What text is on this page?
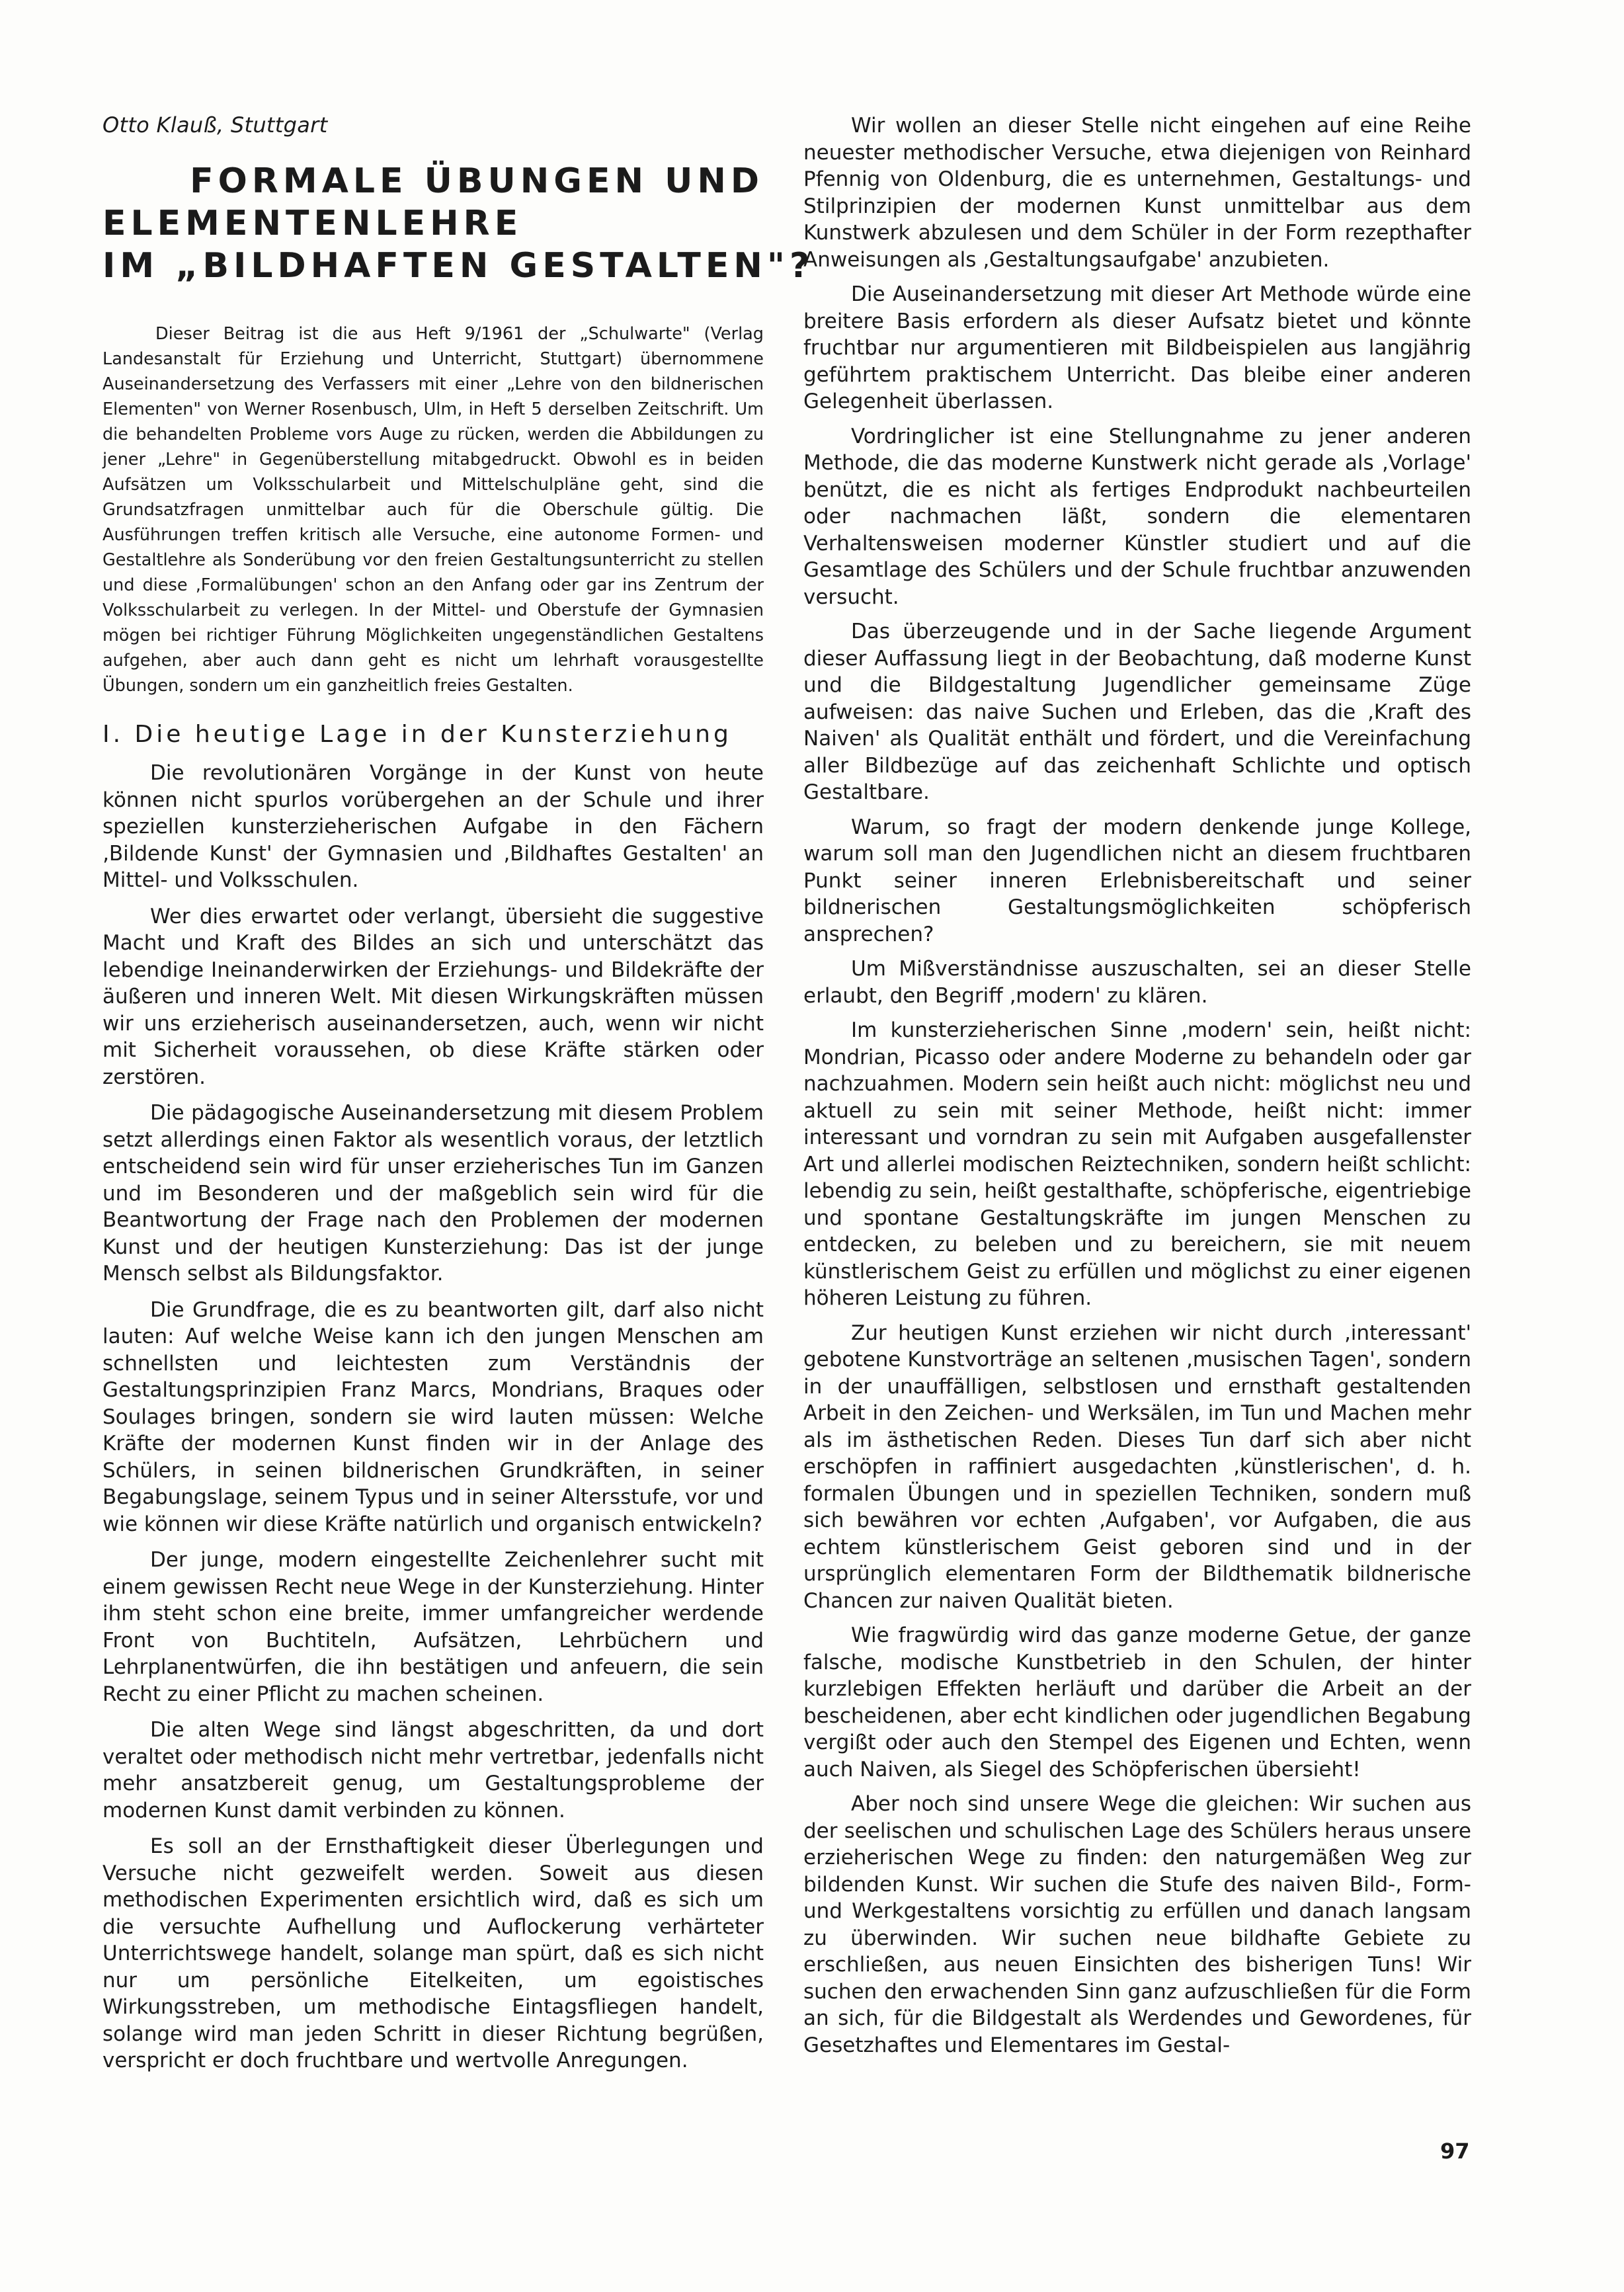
Otto Klauß, Stuttgart
FORMALE ÜBUNGEN UND
ELEMENTENLEHRE
IM „BILDHAFTEN GESTALTEN"?

Dieser Beitrag ist die aus Heft 9/1961 der „Schulwarte" (Verlag Landesanstalt für Erziehung und Unterricht, Stuttgart) übernommene Auseinandersetzung des Verfassers mit einer „Lehre von den bildnerischen Elementen" von Werner Rosenbusch, Ulm, in Heft 5 derselben Zeitschrift. Um die behandelten Probleme vors Auge zu rücken, werden die Abbildungen zu jener „Lehre" in Gegenüberstellung mitabgedruckt. Obwohl es in beiden Aufsätzen um Volksschularbeit und Mittelschulpläne geht, sind die Grundsatzfragen unmittelbar auch für die Oberschule gültig. Die Ausführungen treffen kritisch alle Versuche, eine autonome Formen- und Gestaltlehre als Sonderübung vor den freien Gestaltungsunterricht zu stellen und diese ‚Formalübungen' schon an den Anfang oder gar ins Zentrum der Volksschularbeit zu verlegen. In der Mittel- und Oberstufe der Gymnasien mögen bei richtiger Führung Möglichkeiten ungegenständlichen Gestaltens aufgehen, aber auch dann geht es nicht um lehrhaft vorausgestellte Übungen, sondern um ein ganzheitlich freies Gestalten.

I. Die heutige Lage in der Kunsterziehung

Die revolutionären Vorgänge in der Kunst von heute können nicht spurlos vorübergehen an der Schule und ihrer speziellen kunsterzieherischen Aufgabe in den Fächern ‚Bildende Kunst' der Gymnasien und ‚Bildhaftes Gestalten' an Mittel- und Volksschulen.

Wer dies erwartet oder verlangt, übersieht die suggestive Macht und Kraft des Bildes an sich und unterschätzt das lebendige Ineinanderwirken der Erziehungs- und Bildekräfte der äußeren und inneren Welt. Mit diesen Wirkungskräften müssen wir uns erzieherisch auseinandersetzen, auch, wenn wir nicht mit Sicherheit voraussehen, ob diese Kräfte stärken oder zerstören.

Die pädagogische Auseinandersetzung mit diesem Problem setzt allerdings einen Faktor als wesentlich voraus, der letztlich entscheidend sein wird für unser erzieherisches Tun im Ganzen und im Besonderen und der maßgeblich sein wird für die Beantwortung der Frage nach den Problemen der modernen Kunst und der heutigen Kunsterziehung: Das ist der junge Mensch selbst als Bildungsfaktor.

Die Grundfrage, die es zu beantworten gilt, darf also nicht lauten: Auf welche Weise kann ich den jungen Menschen am schnellsten und leichtesten zum Verständnis der Gestaltungsprinzipien Franz Marcs, Mondrians, Braques oder Soulages bringen, sondern sie wird lauten müssen: Welche Kräfte der modernen Kunst finden wir in der Anlage des Schülers, in seinen bildnerischen Grundkräften, in seiner Begabungslage, seinem Typus und in seiner Altersstufe, vor und wie können wir diese Kräfte natürlich und organisch entwickeln?

Der junge, modern eingestellte Zeichenlehrer sucht mit einem gewissen Recht neue Wege in der Kunsterziehung. Hinter ihm steht schon eine breite, immer umfangreicher werdende Front von Buchtiteln, Aufsätzen, Lehrbüchern und Lehrplanentwürfen, die ihn bestätigen und anfeuern, die sein Recht zu einer Pflicht zu machen scheinen.

Die alten Wege sind längst abgeschritten, da und dort veraltet oder methodisch nicht mehr vertretbar, jedenfalls nicht mehr ansatzbereit genug, um Gestaltungsprobleme der modernen Kunst damit verbinden zu können.

Es soll an der Ernsthaftigkeit dieser Überlegungen und Versuche nicht gezweifelt werden. Soweit aus diesen methodischen Experimenten ersichtlich wird, daß es sich um die versuchte Aufhellung und Auflockerung verhärteter Unterrichtswege handelt, solange man spürt, daß es sich nicht nur um persönliche Eitelkeiten, um egoistisches Wirkungsstreben, um methodische Eintagsfliegen handelt, solange wird man jeden Schritt in dieser Richtung begrüßen, verspricht er doch fruchtbare und wertvolle Anregungen.

Wir wollen an dieser Stelle nicht eingehen auf eine Reihe neuester methodischer Versuche, etwa diejenigen von Reinhard Pfennig von Oldenburg, die es unternehmen, Gestaltungs- und Stilprinzipien der modernen Kunst unmittelbar aus dem Kunstwerk abzulesen und dem Schüler in der Form rezepthafter Anweisungen als ‚Gestaltungsaufgabe' anzubieten.

Die Auseinandersetzung mit dieser Art Methode würde eine breitere Basis erfordern als dieser Aufsatz bietet und könnte fruchtbar nur argumentieren mit Bildbeispielen aus langjährig geführtem praktischem Unterricht. Das bleibe einer anderen Gelegenheit überlassen.

Vordringlicher ist eine Stellungnahme zu jener anderen Methode, die das moderne Kunstwerk nicht gerade als ‚Vorlage' benützt, die es nicht als fertiges Endprodukt nachbeurteilen oder nachmachen läßt, sondern die elementaren Verhaltensweisen moderner Künstler studiert und auf die Gesamtlage des Schülers und der Schule fruchtbar anzuwenden versucht.

Das überzeugende und in der Sache liegende Argument dieser Auffassung liegt in der Beobachtung, daß moderne Kunst und die Bildgestaltung Jugendlicher gemeinsame Züge aufweisen: das naive Suchen und Erleben, das die ‚Kraft des Naiven' als Qualität enthält und fördert, und die Vereinfachung aller Bildbezüge auf das zeichenhaft Schlichte und optisch Gestaltbare.

Warum, so fragt der modern denkende junge Kollege, warum soll man den Jugendlichen nicht an diesem fruchtbaren Punkt seiner inneren Erlebnisbereitschaft und seiner bildnerischen Gestaltungsmöglichkeiten schöpferisch ansprechen?

Um Mißverständnisse auszuschalten, sei an dieser Stelle erlaubt, den Begriff ‚modern' zu klären.

Im kunsterzieherischen Sinne ‚modern' sein, heißt nicht: Mondrian, Picasso oder andere Moderne zu behandeln oder gar nachzuahmen. Modern sein heißt auch nicht: möglichst neu und aktuell zu sein mit seiner Methode, heißt nicht: immer interessant und vorndran zu sein mit Aufgaben ausgefallenster Art und allerlei modischen Reiztechniken, sondern heißt schlicht: lebendig zu sein, heißt gestalthafte, schöpferische, eigentriebige und spontane Gestaltungskräfte im jungen Menschen zu entdecken, zu beleben und zu bereichern, sie mit neuem künstlerischem Geist zu erfüllen und möglichst zu einer eigenen höheren Leistung zu führen.

Zur heutigen Kunst erziehen wir nicht durch ‚interessant' gebotene Kunstvorträge an seltenen ‚musischen Tagen', sondern in der unauffälligen, selbstlosen und ernsthaft gestaltenden Arbeit in den Zeichen- und Werksälen, im Tun und Machen mehr als im ästhetischen Reden. Dieses Tun darf sich aber nicht erschöpfen in raffiniert ausgedachten ‚künstlerischen', d. h. formalen Übungen und in speziellen Techniken, sondern muß sich bewähren vor echten ‚Aufgaben', vor Aufgaben, die aus echtem künstlerischem Geist geboren sind und in der ursprünglich elementaren Form der Bildthematik bildnerische Chancen zur naiven Qualität bieten.

Wie fragwürdig wird das ganze moderne Getue, der ganze falsche, modische Kunstbetrieb in den Schulen, der hinter kurzlebigen Effekten herläuft und darüber die Arbeit an der bescheidenen, aber echt kindlichen oder jugendlichen Begabung vergißt oder auch den Stempel des Eigenen und Echten, wenn auch Naiven, als Siegel des Schöpferischen übersieht!

Aber noch sind unsere Wege die gleichen: Wir suchen aus der seelischen und schulischen Lage des Schülers heraus unsere erzieherischen Wege zu finden: den naturgemäßen Weg zur bildenden Kunst. Wir suchen die Stufe des naiven Bild-, Form- und Werkgestaltens vorsichtig zu erfüllen und danach langsam zu überwinden. Wir suchen neue bildhafte Gebiete zu erschließen, aus neuen Einsichten des bisherigen Tuns! Wir suchen den erwachenden Sinn ganz aufzuschließen für die Form an sich, für die Bildgestalt als Werdendes und Gewordenes, für Gesetzhaftes und Elementares im Gestal-

97
